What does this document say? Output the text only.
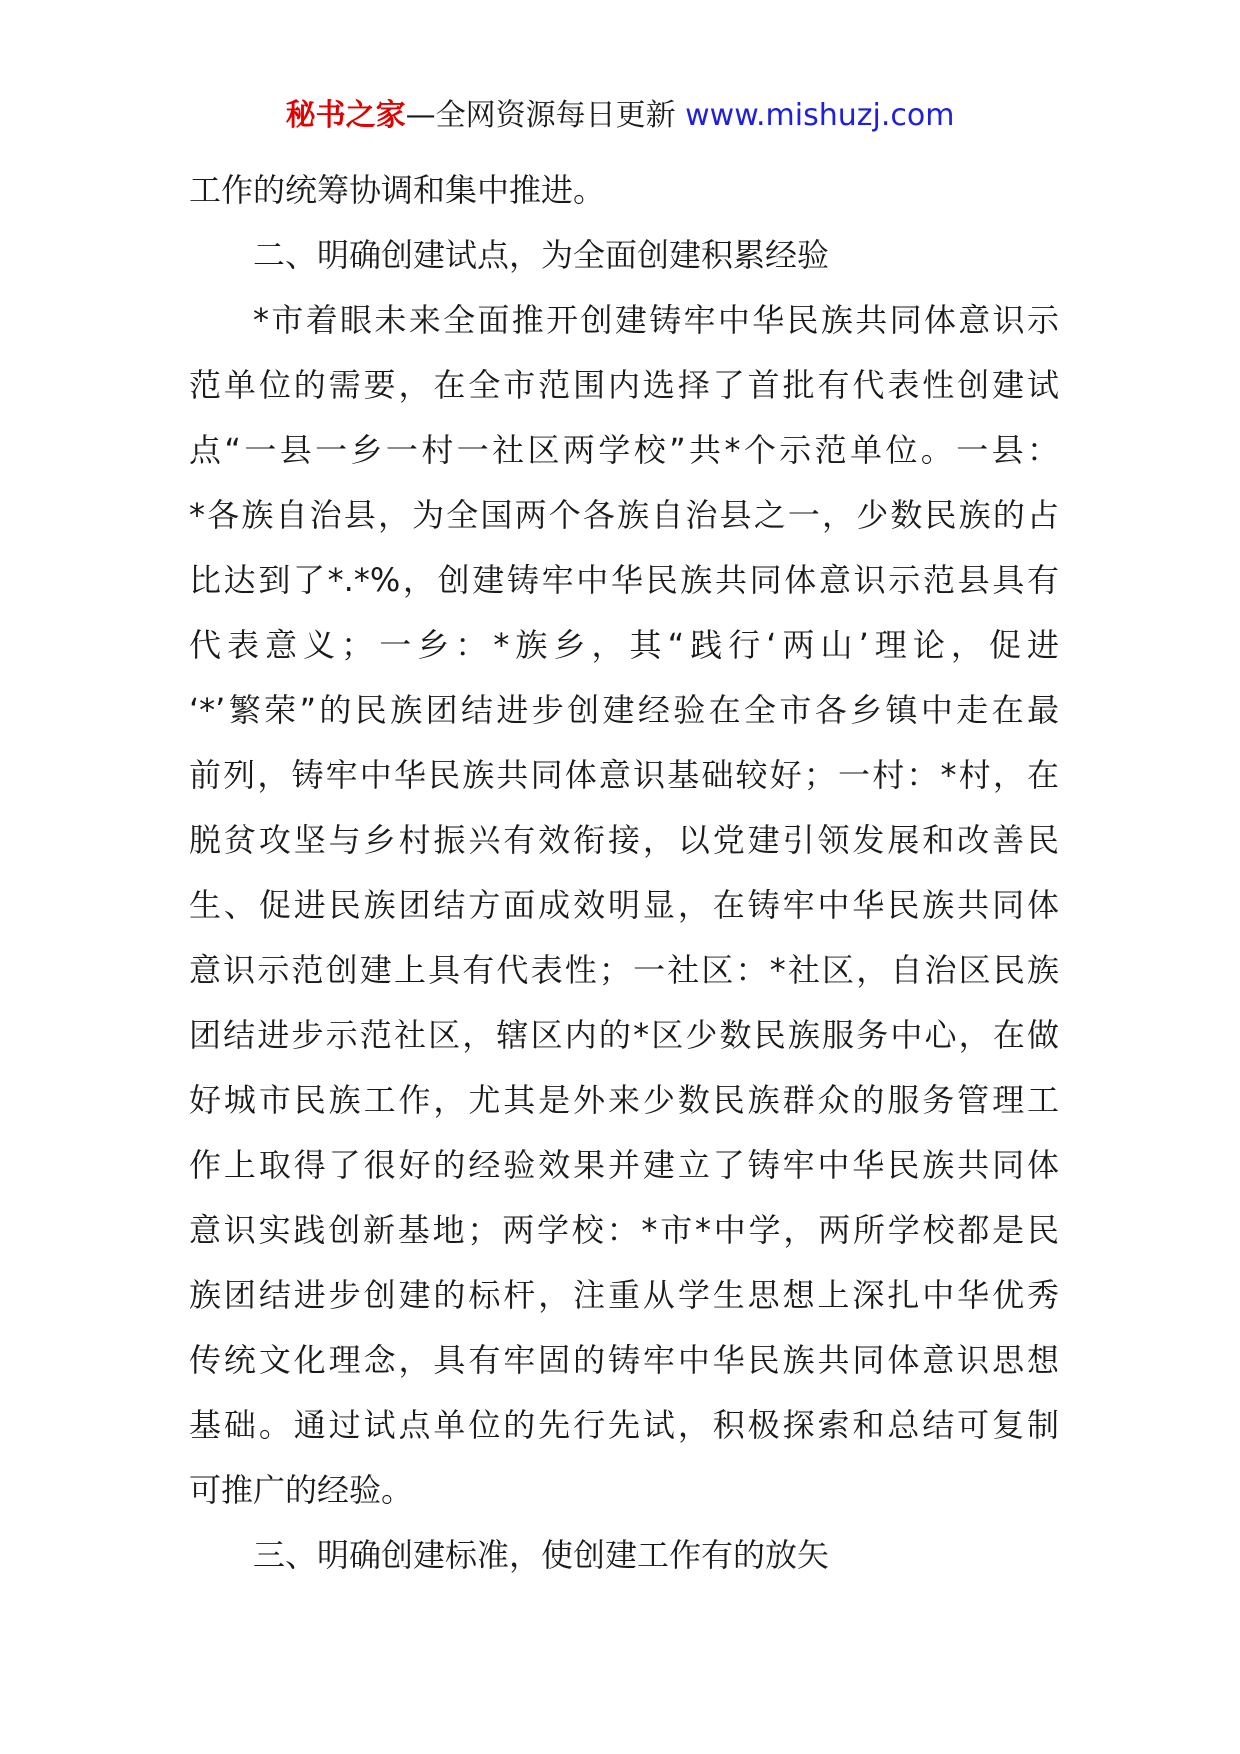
秘书之家—全网资源每日更新 www.mishuzj.com
工作的统筹协调和集中推进。
二、明确创建试点，为全面创建积累经验
*市着眼未来全面推开创建铸牢中华民族共同体意识示
范单位的需要，在全市范围内选择了首批有代表性创建试
点“一县一乡一村一社区两学校”共*个示范单位。一县：
*各族自治县，为全国两个各族自治县之一，少数民族的占
比达到了*.*%，创建铸牢中华民族共同体意识示范县具有
代表意义；一乡：*族乡，其“践行‘两山’理论，促进
‘*’繁荣”的民族团结进步创建经验在全市各乡镇中走在最
前列，铸牢中华民族共同体意识基础较好；一村：*村，在
脱贫攻坚与乡村振兴有效衔接，以党建引领发展和改善民
生、促进民族团结方面成效明显，在铸牢中华民族共同体
意识示范创建上具有代表性；一社区：*社区，自治区民族
团结进步示范社区，辖区内的*区少数民族服务中心，在做
好城市民族工作，尤其是外来少数民族群众的服务管理工
作上取得了很好的经验效果并建立了铸牢中华民族共同体
意识实践创新基地；两学校：*市*中学，两所学校都是民
族团结进步创建的标杆，注重从学生思想上深扎中华优秀
传统文化理念，具有牢固的铸牢中华民族共同体意识思想
基础。通过试点单位的先行先试，积极探索和总结可复制
可推广的经验。
三、明确创建标准，使创建工作有的放矢
